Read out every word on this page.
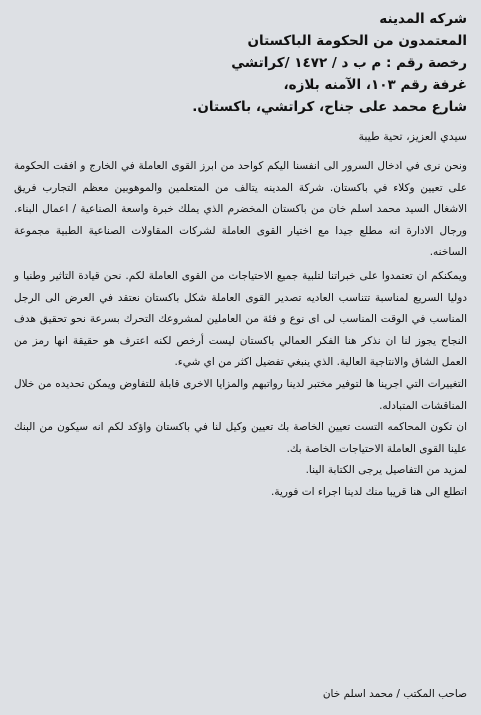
شركه المدينه
المعتمدون من الحكومة الباكستان
رخصة رقم : م ب د / ١٤٧٢ /كراتشي
غرفة رقم ١٠٣، الآمنه بلازه،
شارع محمد على جناح، كراتشي، باكستان.
سيدي العزيز، تحية طيبة

ونحن نرى في ادخال السرور الى انفسنا اليكم كواحد من ابرز القوى العاملة في الخارج و افقت الحكومة على تعيين وكلاء في باكستان. شركة المدينه يتالف من المتعلمين والموهوبين معظم التجارب فريق الاشغال السيد محمد اسلم خان من باكستان المخضرم الذي يملك خبرة واسعة الصناعية / اعمال البناء. ورجال الادارة انه مطلع جيدا مع اختيار القوى العاملة لشركات المقاولات الصناعية الطبية مجموعة الساخنه.

ويمكنكم ان تعتمدوا على خبراتنا لتلبية جميع الاحتياجات من القوى العاملة لكم. نحن قيادة التاثير وطنيا و دوليا السريع لمناسبة تتناسب العاديه تصدير القوى العاملة شكل باكستان نعتقد في العرض الى الرجل المناسب في الوقت المناسب لى اى نوع و فئة من العاملين لمشروعك التحرك بسرعة نحو تحقيق هدف النجاح يجوز لنا ان نذكر هنا الفكر العمالي باكستان ليست أرخص لكنه اعترف هو حقيقة انها رمز من العمل الشاق والانتاجية العالية. الذي ينبغي تفضيل اكثر من اي شيء.

التغييرات التي اجرينا ها لتوفير مختبر لدينا رواتبهم والمزايا الاخرى قابلة للتفاوض ويمكن تحديده من خلال المناقشات المتبادله.

ان تكون المحاكمه التست تعيين الخاصة بك تعيين وكيل لنا في باكستان واؤكد لكم انه سيكون من البنك علينا القوى العاملة الاحتياجات الخاصة بك.

لمزيد من التفاصيل يرجى الكتابة الينا.

اتطلع الى هنا قريبا منك لدينا اجراء ات فورية.

صاحب المكتب / محمد اسلم خان
